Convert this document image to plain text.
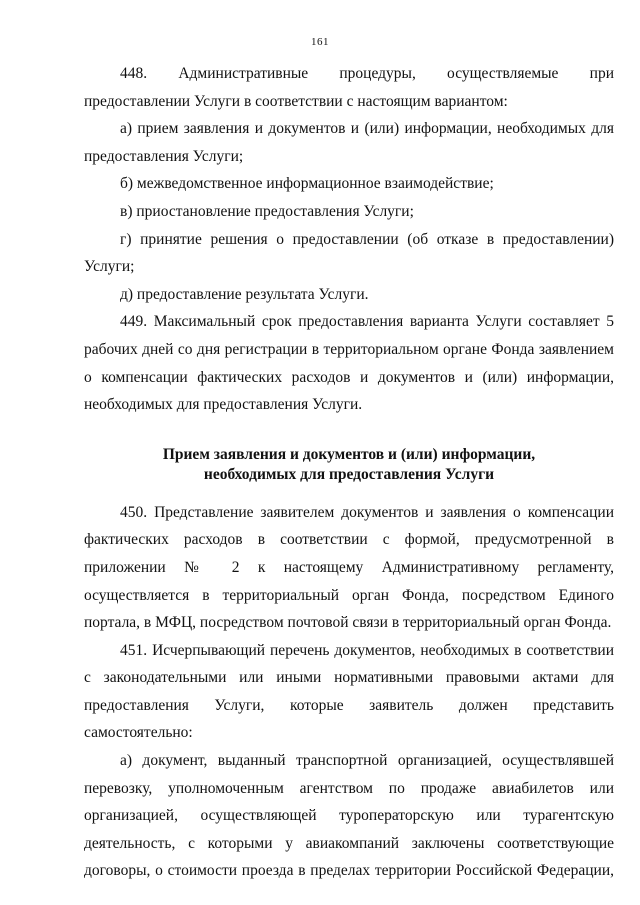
161

448. Административные процедуры, осуществляемые при предоставлении Услуги в соответствии с настоящим вариантом:

а) прием заявления и документов и (или) информации, необходимых для предоставления Услуги;

б) межведомственное информационное взаимодействие;

в) приостановление предоставления Услуги;

г) принятие решения о предоставлении (об отказе в предоставлении) Услуги;

д) предоставление результата Услуги.

449. Максимальный срок предоставления варианта Услуги составляет 5 рабочих дней со дня регистрации в территориальном органе Фонда заявлением о компенсации фактических расходов и документов и (или) информации, необходимых для предоставления Услуги.

Прием заявления и документов и (или) информации,
необходимых для предоставления Услуги

450. Представление заявителем документов и заявления о компенсации фактических расходов в соответствии с формой, предусмотренной в приложении № 2 к настоящему Административному регламенту, осуществляется в территориальный орган Фонда, посредством Единого портала, в МФЦ, посредством почтовой связи в территориальный орган Фонда.

451. Исчерпывающий перечень документов, необходимых в соответствии с законодательными или иными нормативными правовыми актами для предоставления Услуги, которые заявитель должен представить самостоятельно:

а) документ, выданный транспортной организацией, осуществлявшей перевозку, уполномоченным агентством по продаже авиабилетов или организацией, осуществляющей туроператорскую или турагентскую деятельность, с которыми у авиакомпаний заключены соответствующие договоры, о стоимости проезда в пределах территории Российской Федерации,
